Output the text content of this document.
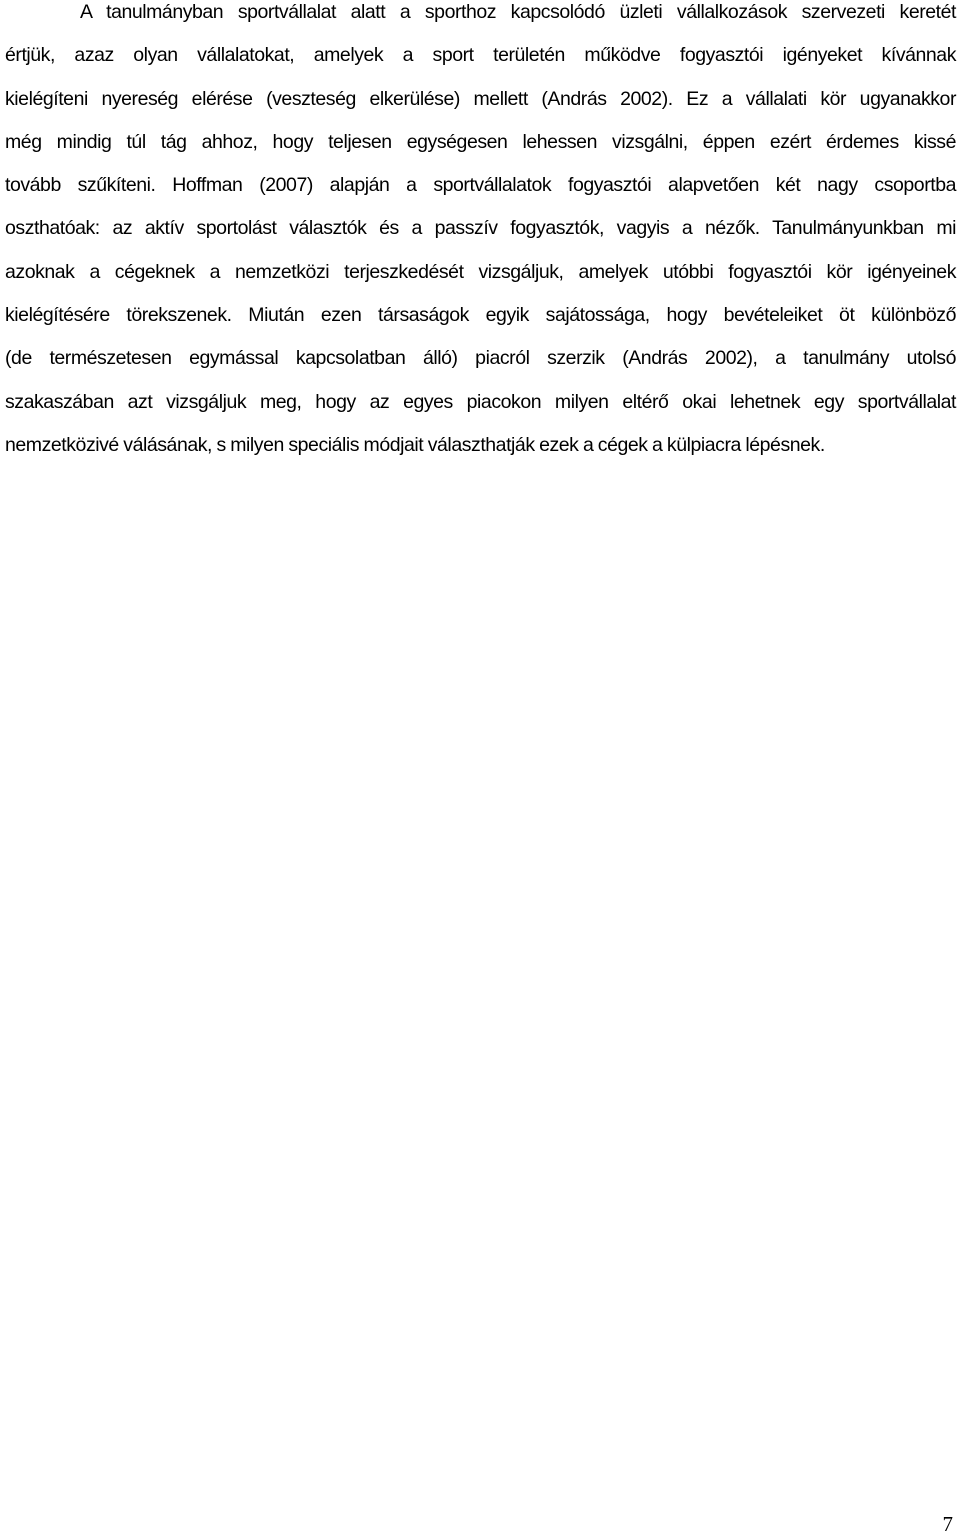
A tanulmányban sportvállalat alatt a sporthoz kapcsolódó üzleti vállalkozások szervezeti keretét
értjük, azaz olyan vállalatokat, amelyek a sport területén működve fogyasztói igényeket kívánnak
kielégíteni nyereség elérése (veszteség elkerülése) mellett (András 2002). Ez a vállalati kör ugyanakkor
még mindig túl tág ahhoz, hogy teljesen egységesen lehessen vizsgálni, éppen ezért érdemes kissé
tovább szűkíteni. Hoffman (2007) alapján a sportvállalatok fogyasztói alapvetően két nagy csoportba
oszthatóak: az aktív sportolást választók és a passzív fogyasztók, vagyis a nézők. Tanulmányunkban mi
azoknak a cégeknek a nemzetközi terjeszkedését vizsgáljuk, amelyek utóbbi fogyasztói kör igényeinek
kielégítésére törekszenek. Miután ezen társaságok egyik sajátossága, hogy bevételeiket öt különböző
(de természetesen egymással kapcsolatban álló) piacról szerzik (András 2002), a tanulmány utolsó
szakaszában azt vizsgáljuk meg, hogy az egyes piacokon milyen eltérő okai lehetnek egy sportvállalat
nemzetközivé válásának, s milyen speciális módjait választhatják ezek a cégek a külpiacra lépésnek.
7
